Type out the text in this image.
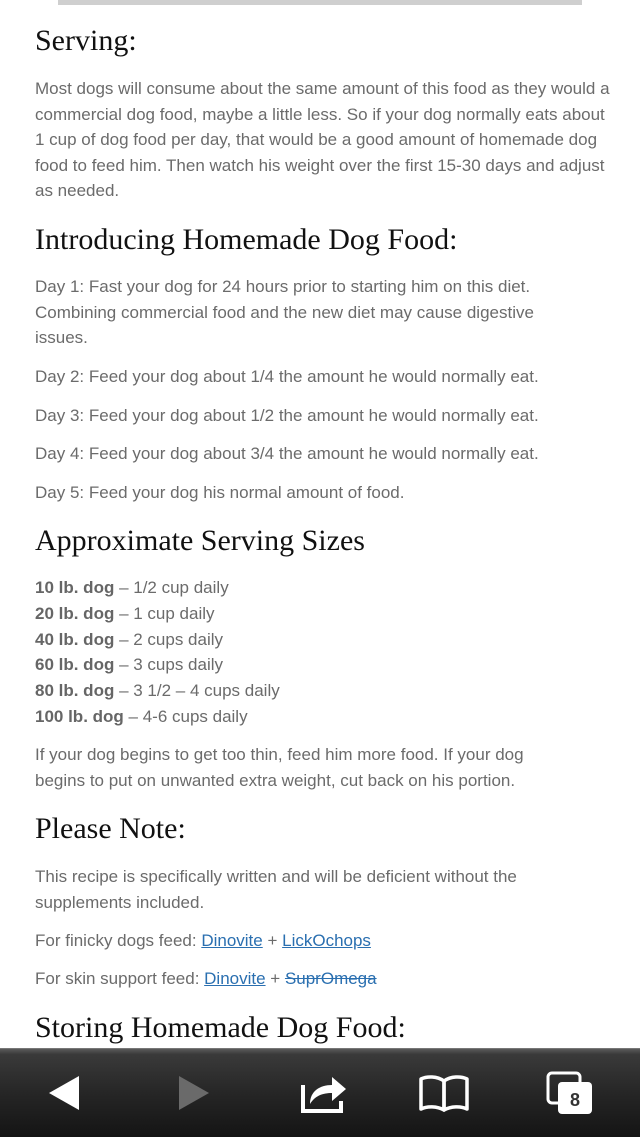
Serving:

Most dogs will consume about the same amount of this food as they would a commercial dog food, maybe a little less. So if your dog normally eats about 1 cup of dog food per day, that would be a good amount of homemade dog food to feed him. Then watch his weight over the first 15-30 days and adjust as needed.

Introducing Homemade Dog Food:

Day 1: Fast your dog for 24 hours prior to starting him on this diet. Combining commercial food and the new diet may cause digestive issues.

Day 2: Feed your dog about 1/4 the amount he would normally eat.

Day 3: Feed your dog about 1/2 the amount he would normally eat.

Day 4: Feed your dog about 3/4 the amount he would normally eat.

Day 5: Feed your dog his normal amount of food.

Approximate Serving Sizes
10 lb. dog – 1/2 cup daily
20 lb. dog – 1 cup daily
40 lb. dog – 2 cups daily
60 lb. dog – 3 cups daily
80 lb. dog – 3 1/2 – 4 cups daily
100 lb. dog – 4-6 cups daily

If your dog begins to get too thin, feed him more food. If your dog begins to put on unwanted extra weight, cut back on his portion.

Please Note:

This recipe is specifically written and will be deficient without the supplements included.

For finicky dogs feed: Dinovite + LickOchops
For skin support feed: Dinovite + SuprOmega
Storing Homemade Dog Food:
8
